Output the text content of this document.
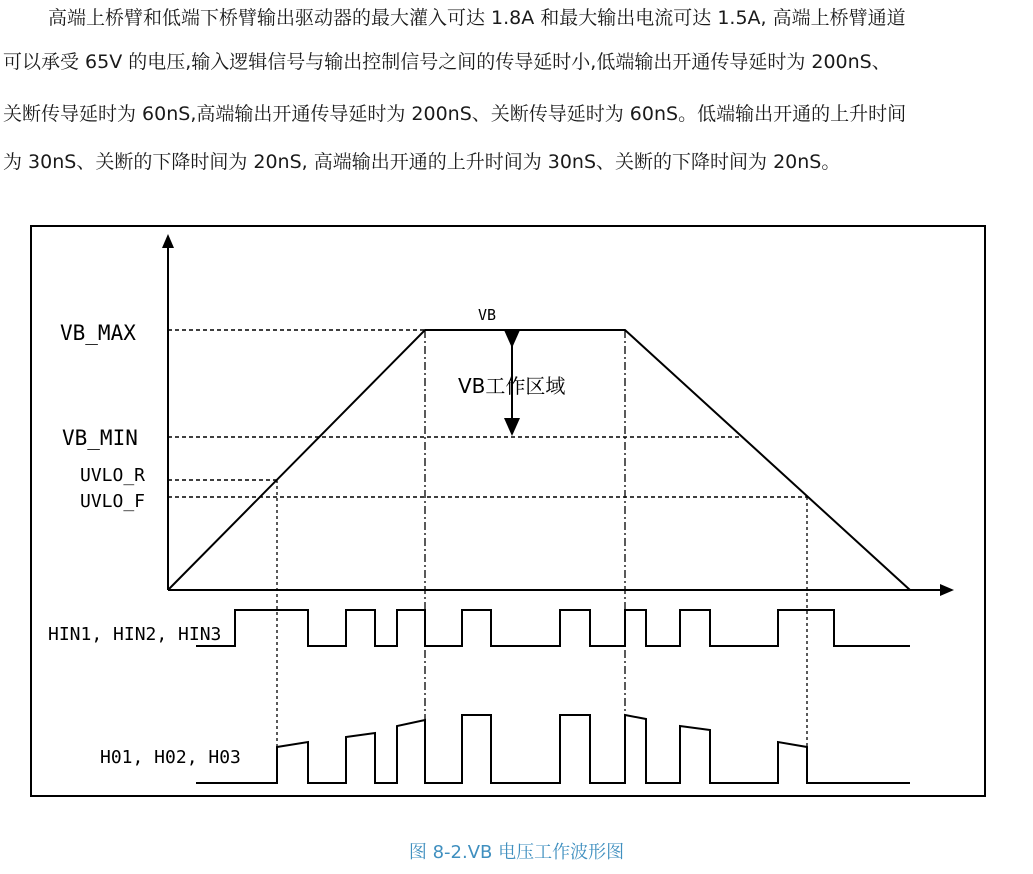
高端上桥臂和低端下桥臂输出驱动器的最大灌入可达 1.8A 和最大输出电流可达 1.5A, 高端上桥臂通道
可以承受 65V 的电压,输入逻辑信号与输出控制信号之间的传导延时小,低端输出开通传导延时为 200nS、
关断传导延时为 60nS,高端输出开通传导延时为 200nS、关断传导延时为 60nS。低端输出开通的上升时间
为 30nS、关断的下降时间为 20nS, 高端输出开通的上升时间为 30nS、关断的下降时间为 20nS。
VB_MAX
VB_MIN
UVLO_R
UVLO_F
VB
VB工作区域
HIN1, HIN2, HIN3
H01, H02, H03
图 8-2.VB 电压工作波形图
